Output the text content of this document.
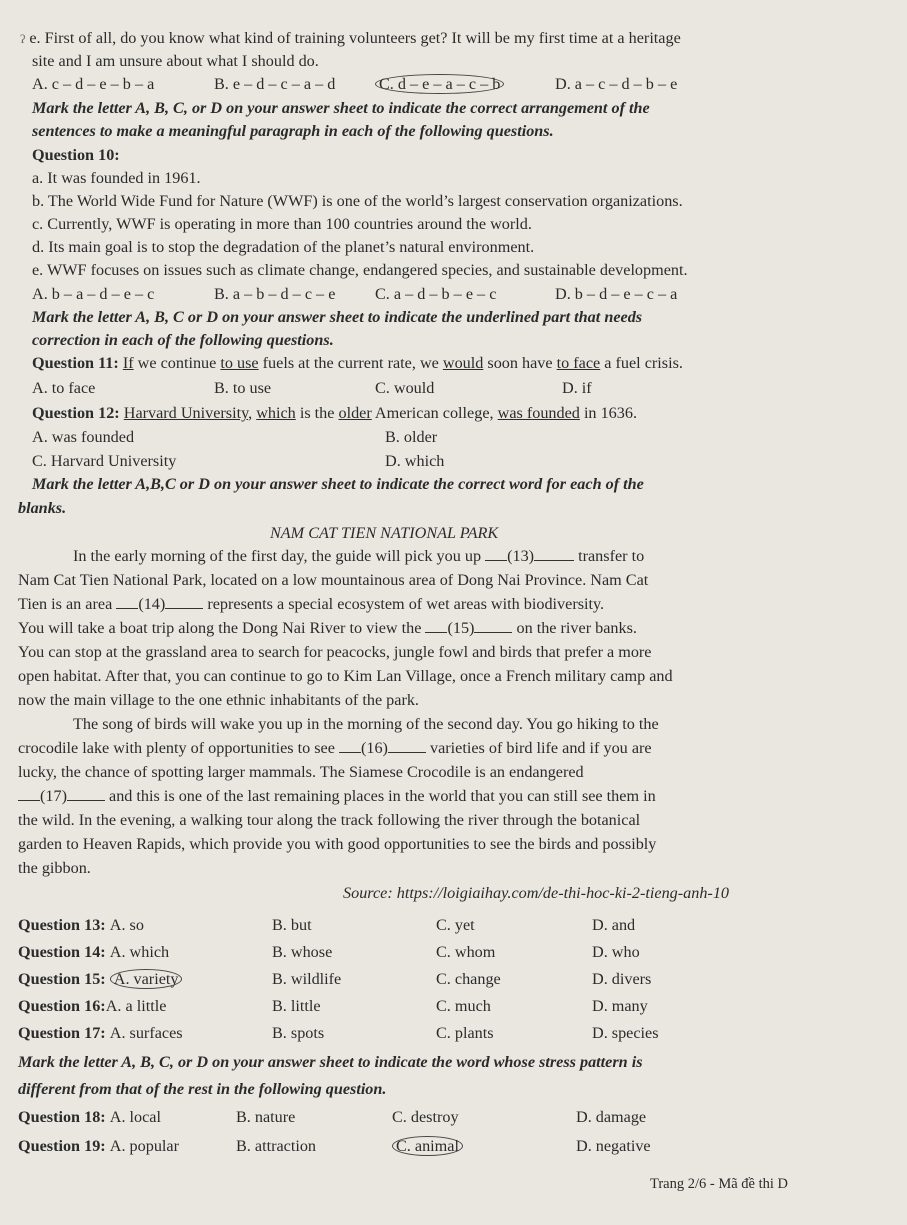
ʔ e. First of all, do you know what kind of training volunteers get? It will be my first time at a heritage
site and I am unsure about what I should do.
A. c – d – e – b – a	B. e – d – c – a – d	C. d – e – a – c – b	D. a – c – d – b – e
Mark the letter A, B, C, or D on your answer sheet to indicate the correct arrangement of the
sentences to make a meaningful paragraph in each of the following questions.
Question 10:
a. It was founded in 1961.
b. The World Wide Fund for Nature (WWF) is one of the world’s largest conservation organizations.
c. Currently, WWF is operating in more than 100 countries around the world.
d. Its main goal is to stop the degradation of the planet’s natural environment.
e. WWF focuses on issues such as climate change, endangered species, and sustainable development.
A. b – a – d – e – c	B. a – b – d – c – e C. a – d – b – e – c	D. b – d – e – c – a
Mark the letter A, B, C or D on your answer sheet to indicate the underlined part that needs
correction in each of the following questions.
Question 11: If we continue to use fuels at the current rate, we would soon have to face a fuel crisis.
A. to face	B. to use	C. would	D. if
Question 12: Harvard University, which is the older American college, was founded in 1636.
A. was founded	B. older
C. Harvard University	D. which
Mark the letter A,B,C or D on your answer sheet to indicate the correct word for each of the
blanks.
NAM CAT TIEN NATIONAL PARK
In the early morning of the first day, the guide will pick you up (13) transfer to
Nam Cat Tien National Park, located on a low mountainous area of Dong Nai Province. Nam Cat
Tien is an area (14) represents a special ecosystem of wet areas with biodiversity.
You will take a boat trip along the Dong Nai River to view the (15) on the river banks.
You can stop at the grassland area to search for peacocks, jungle fowl and birds that prefer a more
open habitat. After that, you can continue to go to Kim Lan Village, once a French military camp and
now the main village to the one ethnic inhabitants of the park.
The song of birds will wake you up in the morning of the second day. You go hiking to the
crocodile lake with plenty of opportunities to see (16) varieties of bird life and if you are
lucky, the chance of spotting larger mammals. The Siamese Crocodile is an endangered
(17) and this is one of the last remaining places in the world that you can still see them in
the wild. In the evening, a walking tour along the track following the river through the botanical
garden to Heaven Rapids, which provide you with good opportunities to see the birds and possibly
the gibbon.
Source: https://loigiaihay.com/de-thi-hoc-ki-2-tieng-anh-10
Question 13: A. so	B. but	C. yet	D. and
Question 14: A. which	B. whose	C. whom	D. who
Question 15: A. variety	B. wildlife	C. change	D. divers
Question 16:A. a little	B. little	C. much	D. many
Question 17: A. surfaces	B. spots	C. plants	D. species
Mark the letter A, B, C, or D on your answer sheet to indicate the word whose stress pattern is
different from that of the rest in the following question.
Question 18: A. local	B. nature	C. destroy	D. damage
Question 19: A. popular	B. attraction	C. animal	D. negative
Trang 2/6 - Mã đề thi D
